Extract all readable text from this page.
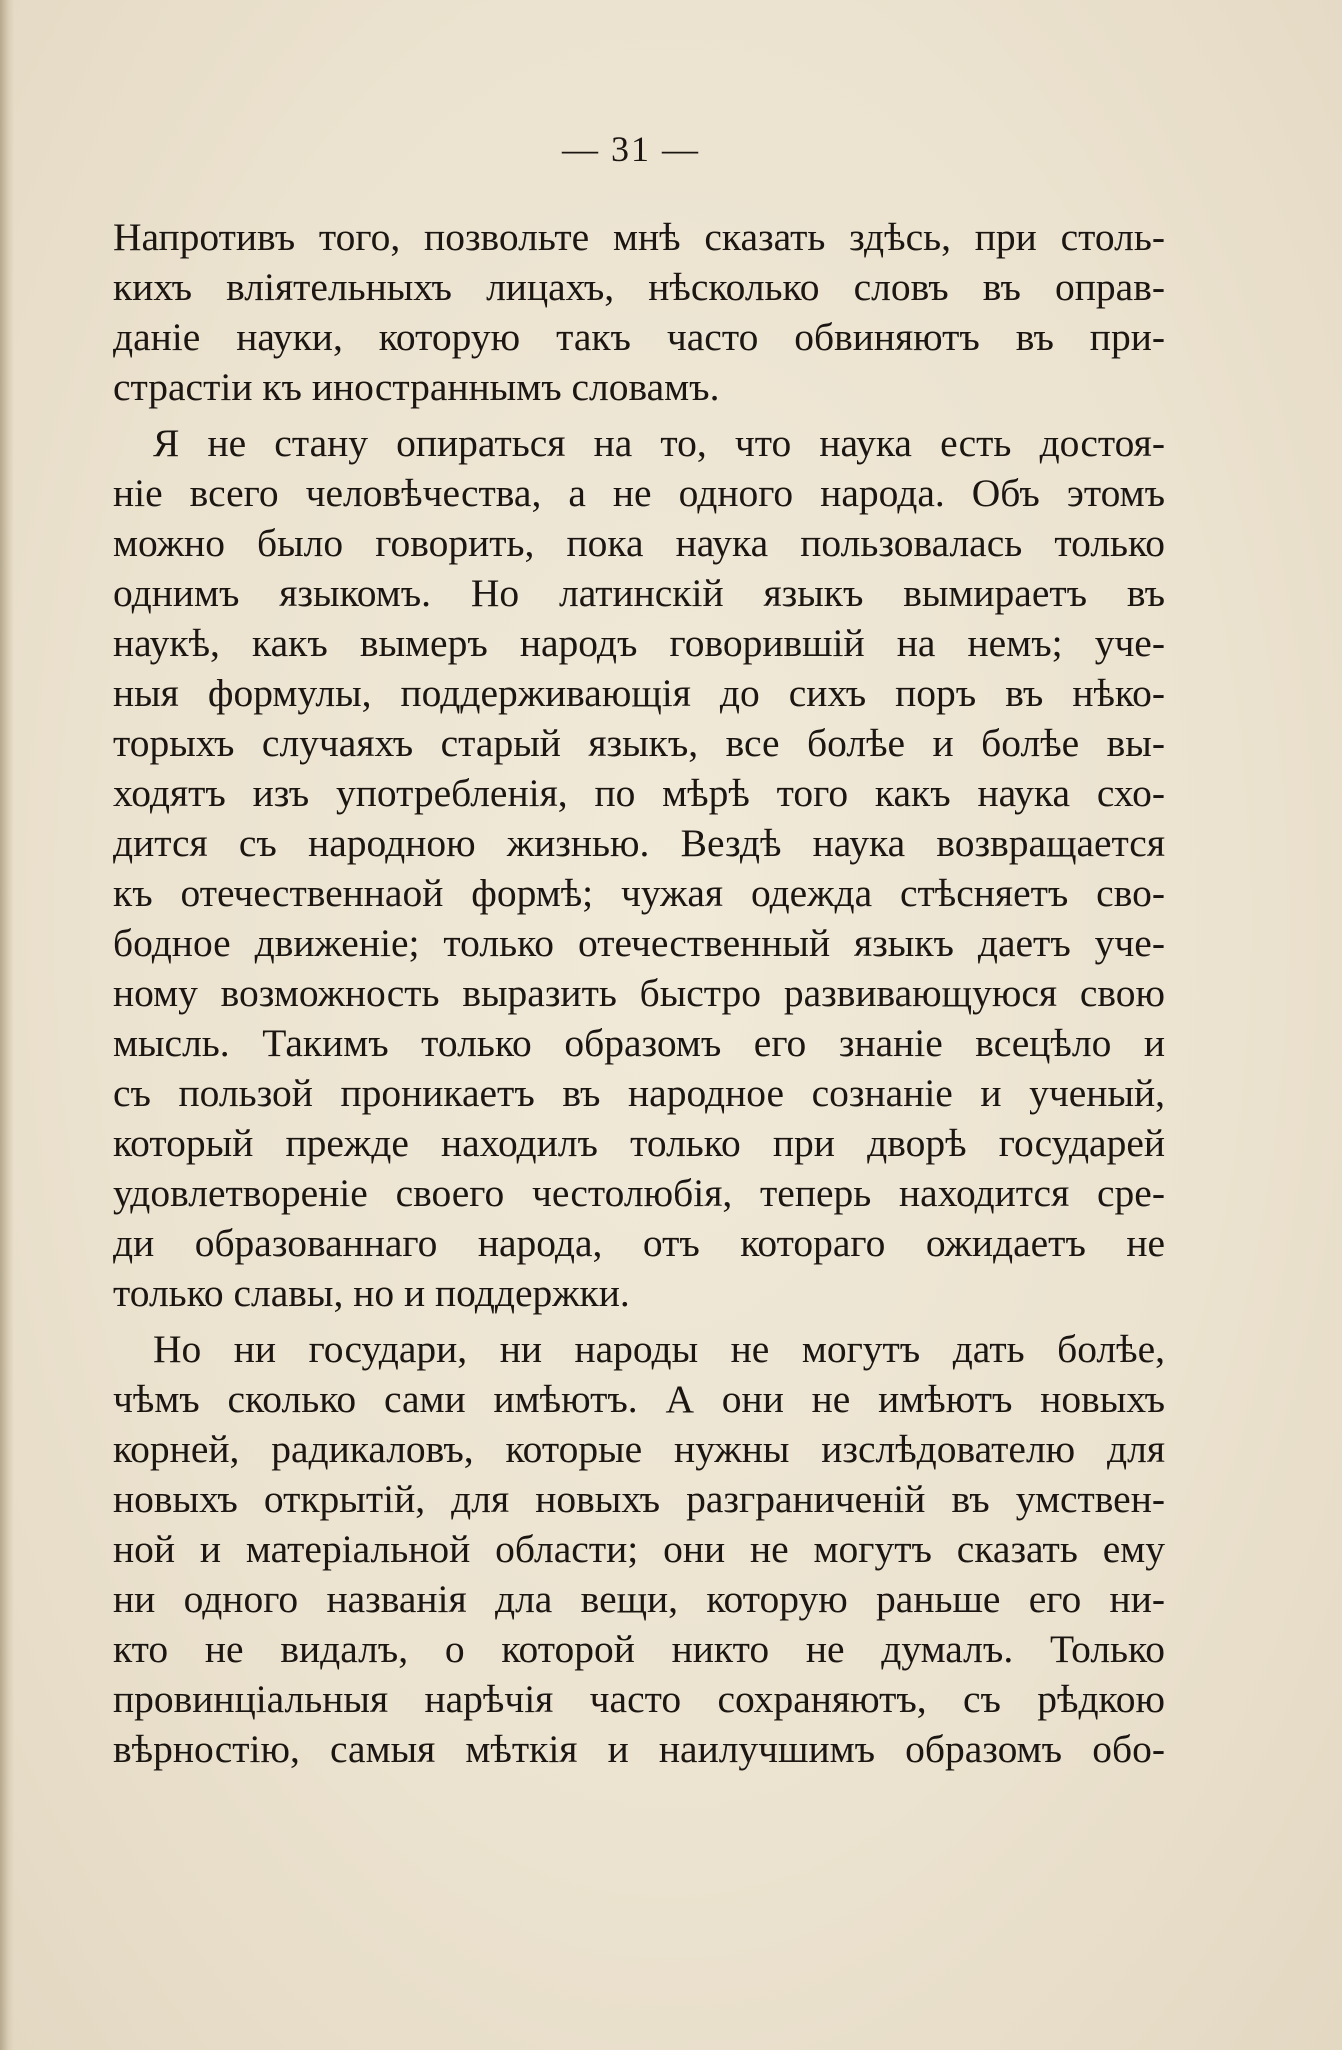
— 31 —
Напротивъ того, позвольте мнѣ сказать здѣсь, при столь-
кихъ вліятельныхъ лицахъ, нѣсколько словъ въ оправ-
даніе науки, которую такъ часто обвиняютъ въ при-
страстіи къ иностраннымъ словамъ.
Я не стану опираться на то, что наука есть достоя-
ніе всего человѣчества, а не одного народа. Объ этомъ
можно было говорить, пока наука пользовалась только
однимъ языкомъ. Но латинскій языкъ вымираетъ въ
наукѣ, какъ вымеръ народъ говорившій на немъ; уче-
ныя формулы, поддерживающія до сихъ поръ въ нѣко-
торыхъ случаяхъ старый языкъ, все болѣе и болѣе вы-
ходятъ изъ употребленія, по мѣрѣ того какъ наука схо-
дится съ народною жизнью. Вездѣ наука возвращается
къ отечественнаой формѣ; чужая одежда стѣсняетъ сво-
бодное движеніе; только отечественный языкъ даетъ уче-
ному возможность выразить быстро развивающуюся свою
мысль. Такимъ только образомъ его знаніе всецѣло и
съ пользой проникаетъ въ народное сознаніе и ученый,
который прежде находилъ только при дворѣ государей
удовлетвореніе своего честолюбія, теперь находится сре-
ди образованнаго народа, отъ котораго ожидаетъ не
только славы, но и поддержки.
Но ни государи, ни народы не могутъ дать болѣе,
чѣмъ сколько сами имѣютъ. А они не имѣютъ новыхъ
корней, радикаловъ, которые нужны изслѣдователю для
новыхъ открытій, для новыхъ разграниченій въ умствен-
ной и матеріальной области; они не могутъ сказать ему
ни одного названія дла вещи, которую раньше его ни-
кто не видалъ, о которой никто не думалъ. Только
провинціальныя нарѣчія часто сохраняютъ, съ рѣдкою
вѣрностію, самыя мѣткія и наилучшимъ образомъ обо-
